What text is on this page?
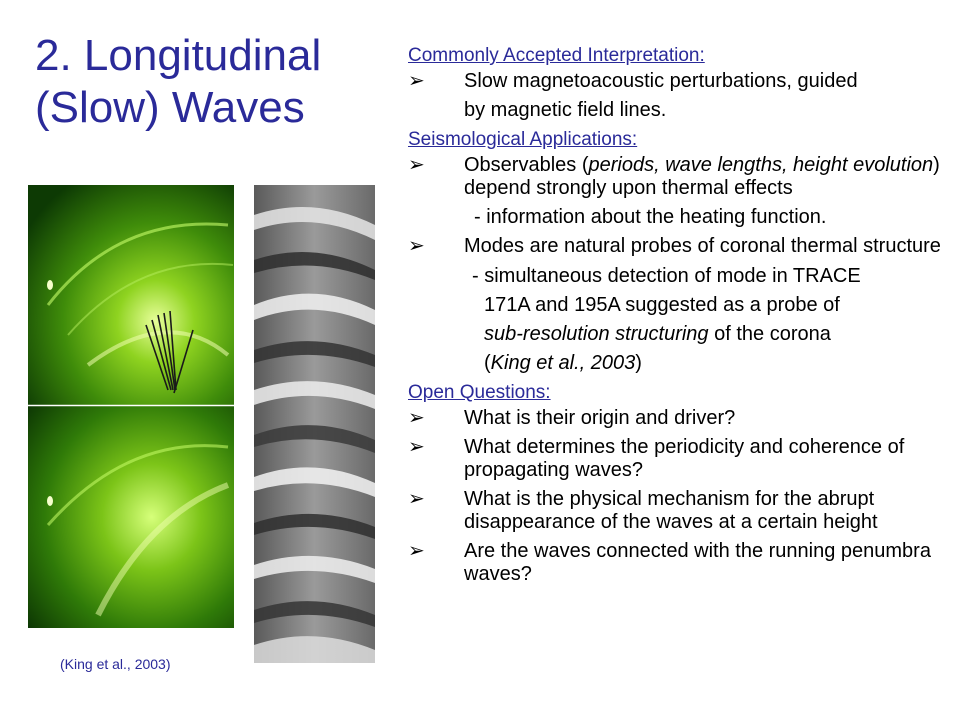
2. Longitudinal
(Slow) Waves
(King et al., 2003)
Commonly Accepted Interpretation:
➢ Slow magnetoacoustic perturbations, guided
by magnetic field lines.
Seismological Applications:
➢ Observables (periods, wave lengths, height evolution) depend strongly upon thermal effects
- information about the heating function.
➢ Modes are natural probes of coronal thermal structure
- simultaneous detection of mode in TRACE
171A and 195A suggested as a probe of
sub-resolution structuring of the corona
(King et al., 2003)
Open Questions:
➢ What is their origin and driver?
➢ What determines the periodicity and coherence of propagating waves?
➢ What is the physical mechanism for the abrupt disappearance of the waves at a certain height
➢ Are the waves connected with the running penumbra waves?
